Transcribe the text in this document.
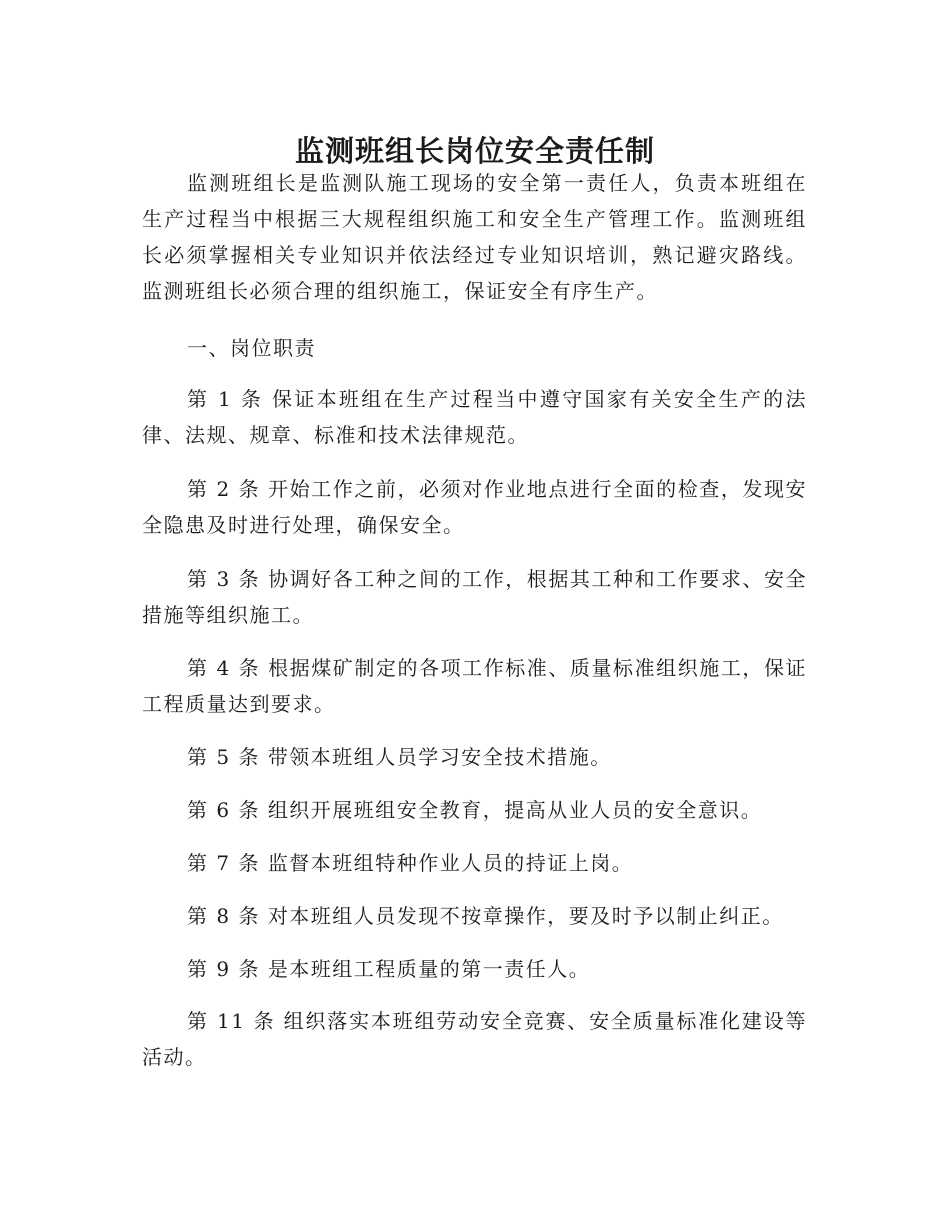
监测班组长岗位安全责任制

监测班组长是监测队施工现场的安全第一责任人，负责本班组在生产过程当中根据三大规程组织施工和安全生产管理工作。监测班组长必须掌握相关专业知识并依法经过专业知识培训，熟记避灾路线。监测班组长必须合理的组织施工，保证安全有序生产。

一、岗位职责

第 1 条 保证本班组在生产过程当中遵守国家有关安全生产的法律、法规、规章、标准和技术法律规范。

第 2 条 开始工作之前，必须对作业地点进行全面的检查，发现安全隐患及时进行处理，确保安全。

第 3 条 协调好各工种之间的工作，根据其工种和工作要求、安全措施等组织施工。

第 4 条 根据煤矿制定的各项工作标准、质量标准组织施工，保证工程质量达到要求。

第 5 条 带领本班组人员学习安全技术措施。

第 6 条 组织开展班组安全教育，提高从业人员的安全意识。

第 7 条 监督本班组特种作业人员的持证上岗。

第 8 条 对本班组人员发现不按章操作，要及时予以制止纠正。

第 9 条 是本班组工程质量的第一责任人。

第 11 条 组织落实本班组劳动安全竞赛、安全质量标准化建设等活动。
